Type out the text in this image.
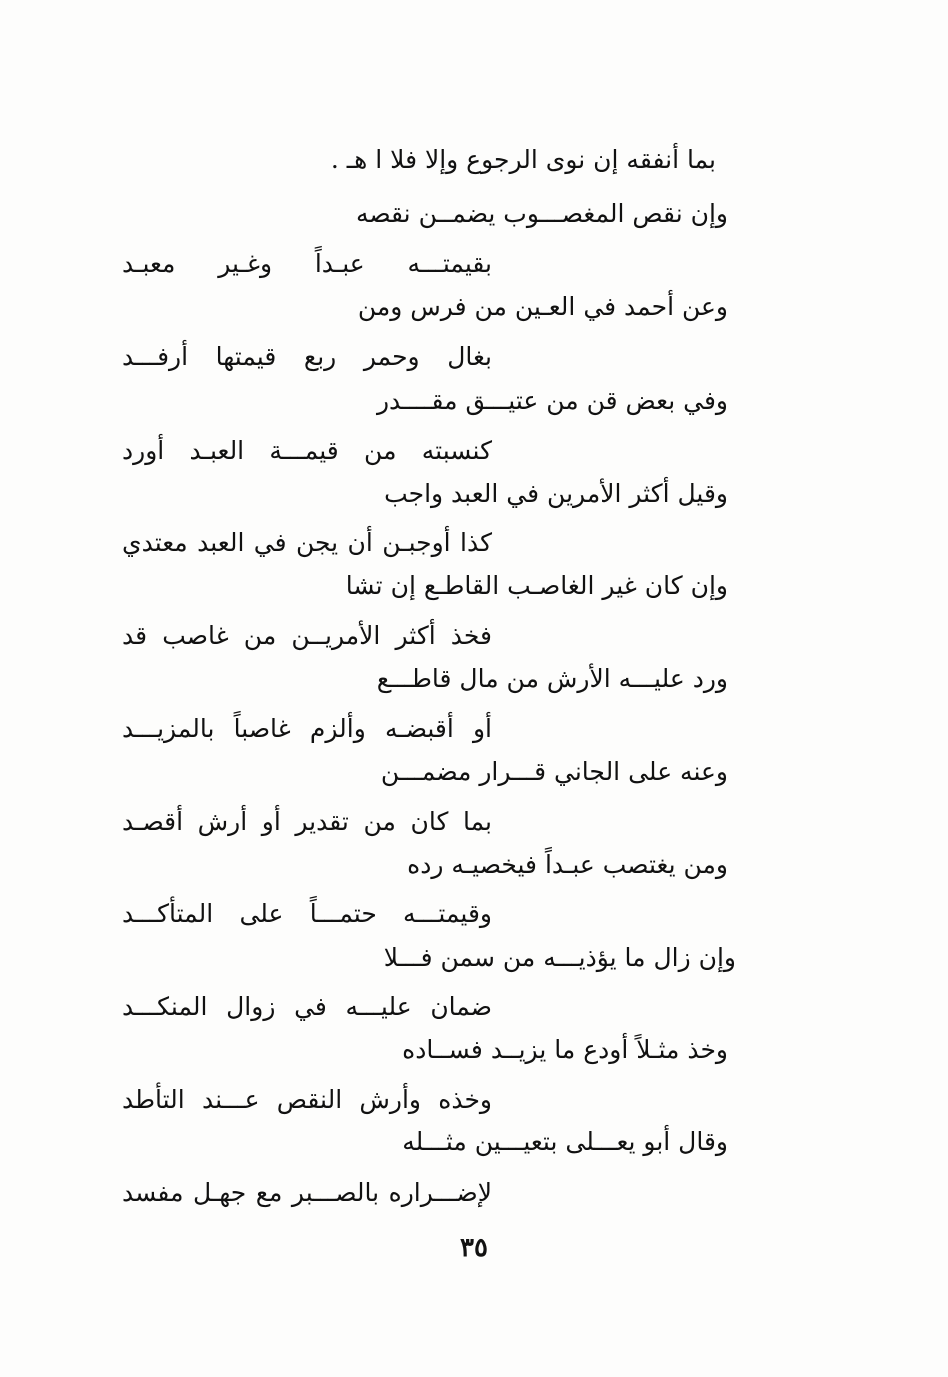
بما أنفقه إن نوى الرجوع وإلا فلا ا هـ .
وإن نقص المغصـــوب يضمــن نقصه
بقيمتـــه عبـداً وغـير معبـد
وعن أحمد في العـين من فرس ومن
بغال وحمر ربع قيمتها أرفـــد
وفي بعض قن من عتيـــق مقــــدر
كنسبته من قيمـــة العبـد أورد
وقيل أكثر الأمرين في العبد واجب
كذا أوجبـن أن يجن في العبد معتدي
وإن كان غير الغاصـب القاطـع إن تشا
فخذ أكثر الأمريــن من غاصب قد
ورد عليـــه الأرش من مال قاطـــع
أو أقبضـه وألزم غاصباً بالمزيـــد
وعنه على الجاني قـــرار مضمـــن
بما كان من تقدير أو أرش أقصـد
ومن يغتصب عبـداً فيخصيـه رده
وقيمتـــه حتمـــاً على المتأكـــد
وإن زال ما يؤذيـــه من سمن فـــلا
ضمان عليـــه في زوال المنكـــد
وخذ مثـلاً أودع ما يزيــد فســاده
وخذه وأرش النقص عـــند التأطد
وقال أبو يعـــلى بتعيـــين مثـــله
لإضـــراره بالصـــبر مع جهـل مفسد
٣٥
